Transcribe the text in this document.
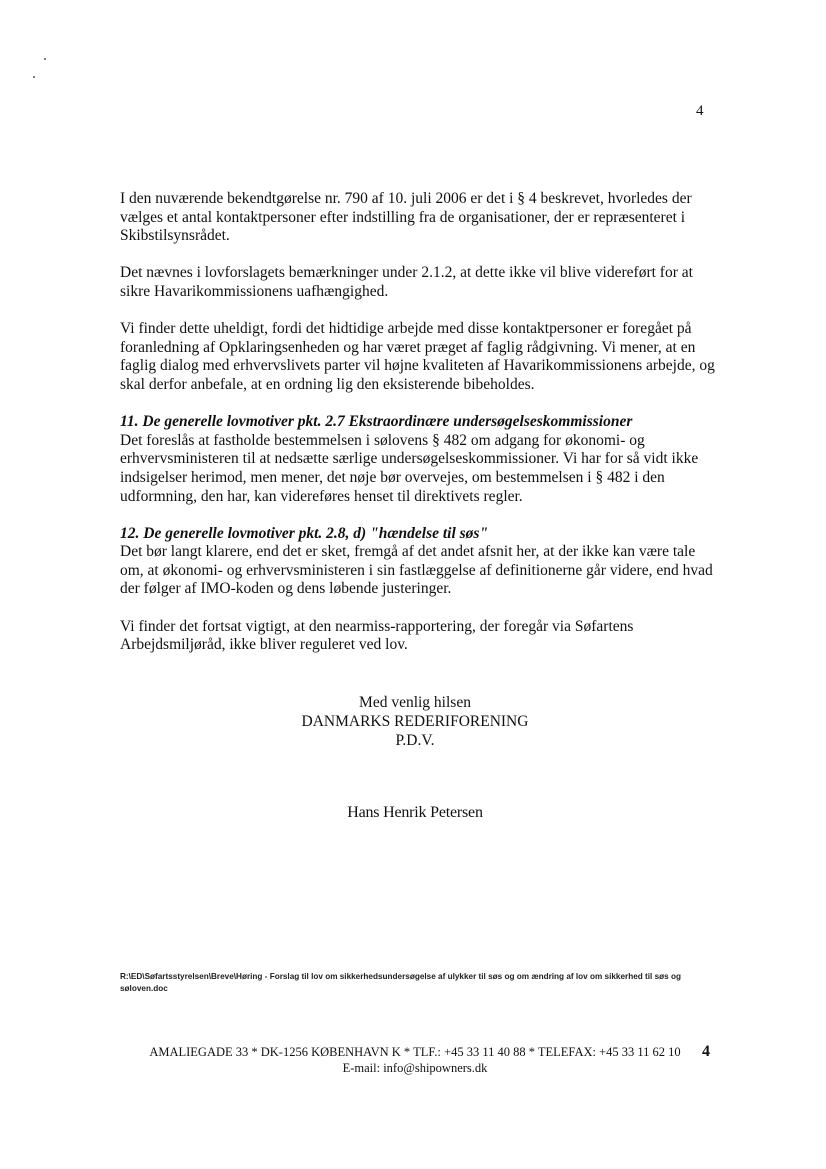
4

I den nuværende bekendtgørelse nr. 790 af 10. juli 2006 er det i § 4 beskrevet, hvorledes der vælges et antal kontaktpersoner efter indstilling fra de organisationer, der er repræsenteret i Skibstilsynsrådet.

Det nævnes i lovforslagets bemærkninger under 2.1.2, at dette ikke vil blive videreført for at sikre Havarikommissionens uafhængighed.

Vi finder dette uheldigt, fordi det hidtidige arbejde med disse kontaktpersoner er foregået på foranledning af Opklaringsenheden og har været præget af faglig rådgivning. Vi mener, at en faglig dialog med erhvervslivets parter vil højne kvaliteten af Havarikommissionens arbejde, og skal derfor anbefale, at en ordning lig den eksisterende bibeholdes.

11. De generelle lovmotiver pkt. 2.7 Ekstraordinære undersøgelseskommissioner
Det foreslås at fastholde bestemmelsen i sølovens § 482 om adgang for økonomi- og erhvervsministeren til at nedsætte særlige undersøgelseskommissioner. Vi har for så vidt ikke indsigelser herimod, men mener, det nøje bør overvejes, om bestemmelsen i § 482 i den udformning, den har, kan videreføres henset til direktivets regler.
12. De generelle lovmotiver pkt. 2.8, d) "hændelse til søs"
Det bør langt klarere, end det er sket, fremgå af det andet afsnit her, at der ikke kan være tale om, at økonomi- og erhvervsministeren i sin fastlæggelse af definitionerne går videre, end hvad der følger af IMO-koden og dens løbende justeringer.

Vi finder det fortsat vigtigt, at den nearmiss-rapportering, der foregår via Søfartens Arbejdsmiljøråd, ikke bliver reguleret ved lov.

Med venlig hilsen
DANMARKS REDERIFORENING
P.D.V.
Hans Henrik Petersen
R:\ED\Søfartsstyrelsen\Breve\Høring - Forslag til lov om sikkerhedsundersøgelse af ulykker til søs og om ændring af lov om sikkerhed til søs og søloven.doc
AMALIEGADE 33 * DK-1256 KØBENHAVN K * TLF.: +45 33 11 40 88 * TELEFAX: +45 33 11 62 10
E-mail: info@shipowners.dk
4
